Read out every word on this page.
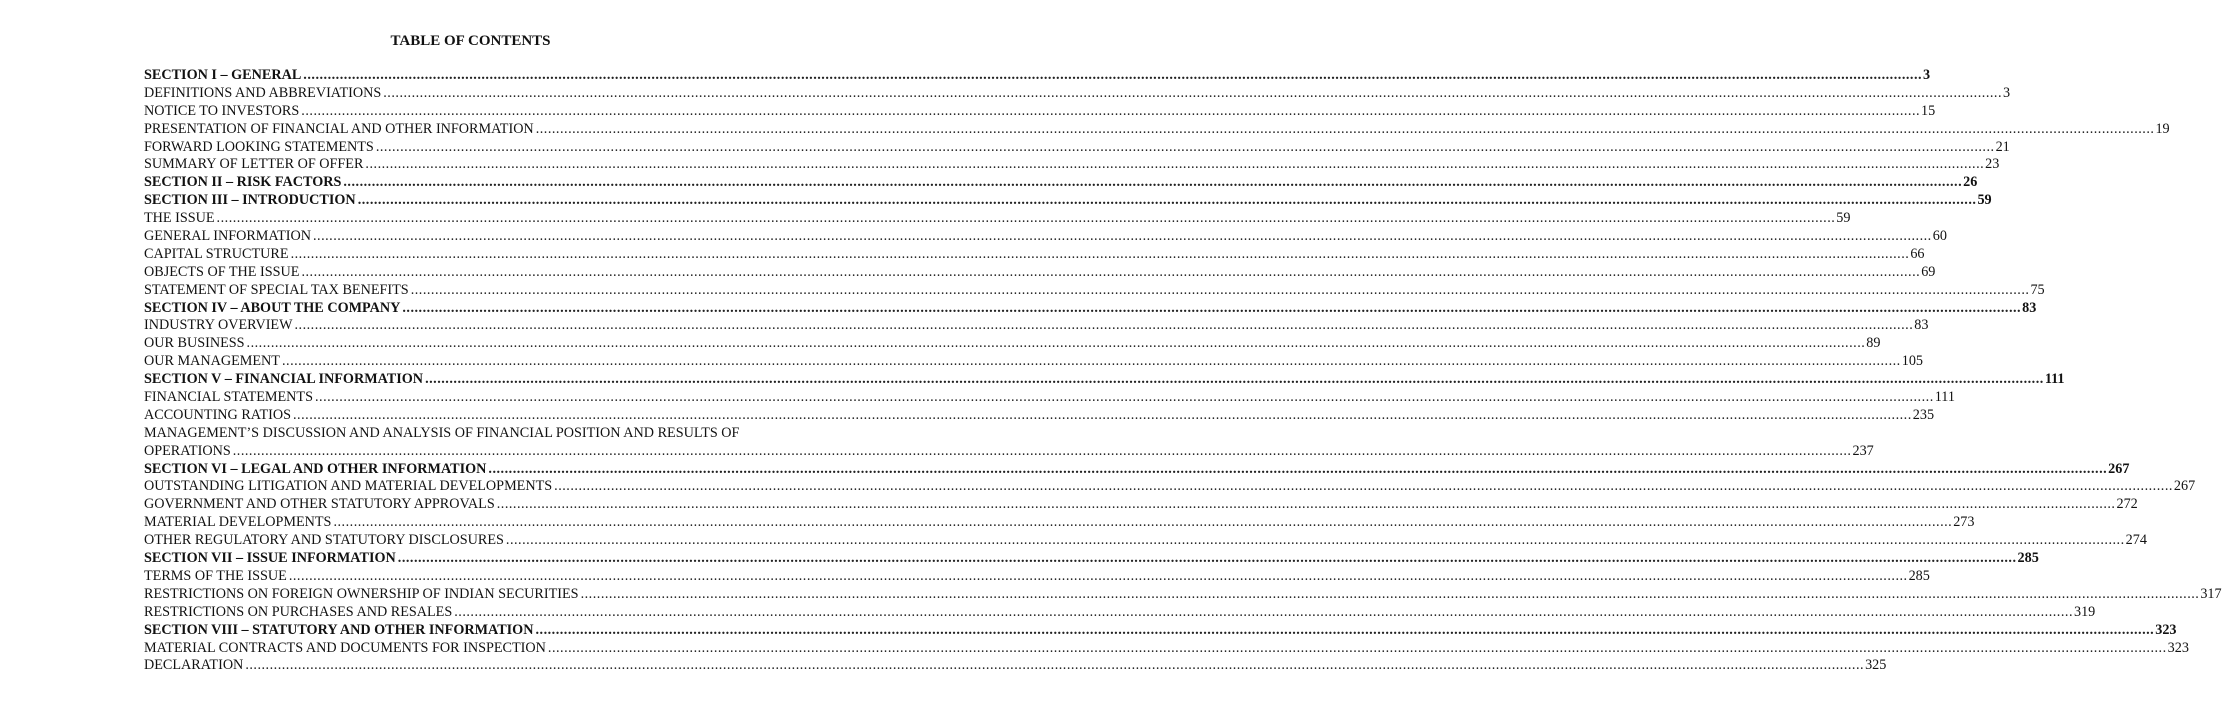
TABLE OF CONTENTS
SECTION I – GENERAL ................................................................................................................................................................................................................................................................................................................................................................................................................ 3
DEFINITIONS AND ABBREVIATIONS ................................................................................................................................................................................................................................................................................................................................................................................................................ 3
NOTICE TO INVESTORS ................................................................................................................................................................................................................................................................................................................................................................................................................ 15
PRESENTATION OF FINANCIAL AND OTHER INFORMATION ................................................................................................................................................................................................................................................................................................................................................................................................................ 19
FORWARD LOOKING STATEMENTS ................................................................................................................................................................................................................................................................................................................................................................................................................ 21
SUMMARY OF LETTER OF OFFER ................................................................................................................................................................................................................................................................................................................................................................................................................ 23
SECTION II – RISK FACTORS ................................................................................................................................................................................................................................................................................................................................................................................................................ 26
SECTION III – INTRODUCTION ................................................................................................................................................................................................................................................................................................................................................................................................................ 59
THE ISSUE ................................................................................................................................................................................................................................................................................................................................................................................................................ 59
GENERAL INFORMATION ................................................................................................................................................................................................................................................................................................................................................................................................................ 60
CAPITAL STRUCTURE ................................................................................................................................................................................................................................................................................................................................................................................................................ 66
OBJECTS OF THE ISSUE ................................................................................................................................................................................................................................................................................................................................................................................................................ 69
STATEMENT OF SPECIAL TAX BENEFITS ................................................................................................................................................................................................................................................................................................................................................................................................................ 75
SECTION IV – ABOUT THE COMPANY ................................................................................................................................................................................................................................................................................................................................................................................................................ 83
INDUSTRY OVERVIEW ................................................................................................................................................................................................................................................................................................................................................................................................................ 83
OUR BUSINESS ................................................................................................................................................................................................................................................................................................................................................................................................................ 89
OUR MANAGEMENT ................................................................................................................................................................................................................................................................................................................................................................................................................ 105
SECTION V – FINANCIAL INFORMATION ................................................................................................................................................................................................................................................................................................................................................................................................................ 111
FINANCIAL STATEMENTS ................................................................................................................................................................................................................................................................................................................................................................................................................ 111
ACCOUNTING RATIOS ................................................................................................................................................................................................................................................................................................................................................................................................................ 235
MANAGEMENT’S DISCUSSION AND ANALYSIS OF FINANCIAL POSITION AND RESULTS OF
OPERATIONS ................................................................................................................................................................................................................................................................................................................................................................................................................ 237
SECTION VI – LEGAL AND OTHER INFORMATION ................................................................................................................................................................................................................................................................................................................................................................................................................ 267
OUTSTANDING LITIGATION AND MATERIAL DEVELOPMENTS ................................................................................................................................................................................................................................................................................................................................................................................................................ 267
GOVERNMENT AND OTHER STATUTORY APPROVALS ................................................................................................................................................................................................................................................................................................................................................................................................................ 272
MATERIAL DEVELOPMENTS ................................................................................................................................................................................................................................................................................................................................................................................................................ 273
OTHER REGULATORY AND STATUTORY DISCLOSURES ................................................................................................................................................................................................................................................................................................................................................................................................................ 274
SECTION VII – ISSUE INFORMATION ................................................................................................................................................................................................................................................................................................................................................................................................................ 285
TERMS OF THE ISSUE ................................................................................................................................................................................................................................................................................................................................................................................................................ 285
RESTRICTIONS ON FOREIGN OWNERSHIP OF INDIAN SECURITIES ................................................................................................................................................................................................................................................................................................................................................................................................................ 317
RESTRICTIONS ON PURCHASES AND RESALES ................................................................................................................................................................................................................................................................................................................................................................................................................ 319
SECTION VIII – STATUTORY AND OTHER INFORMATION ................................................................................................................................................................................................................................................................................................................................................................................................................ 323
MATERIAL CONTRACTS AND DOCUMENTS FOR INSPECTION ................................................................................................................................................................................................................................................................................................................................................................................................................ 323
DECLARATION ................................................................................................................................................................................................................................................................................................................................................................................................................ 325
